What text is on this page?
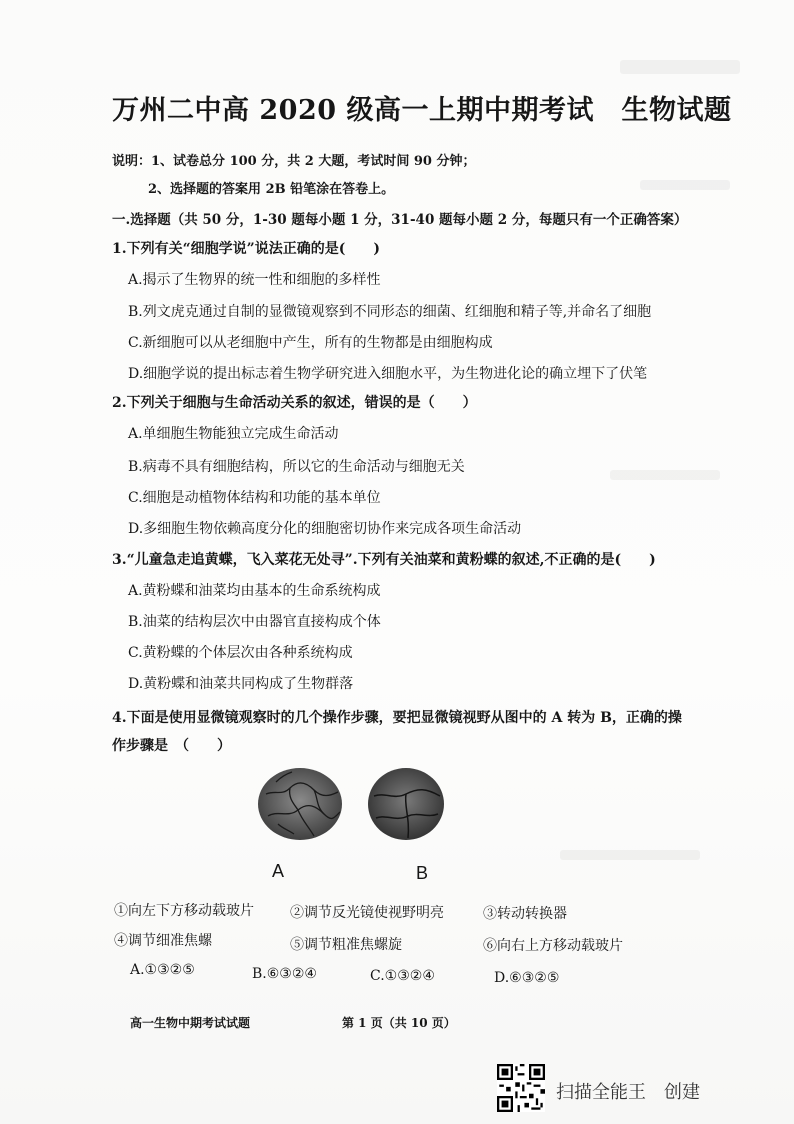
万州二中高 2020 级高一上期中期考试　生物试题
说明：1、试卷总分 100 分，共 2 大题，考试时间 90 分钟；
2、选择题的答案用 2B 铅笔涂在答卷上。
一.选择题（共 50 分，1-30 题每小题 1 分，31-40 题每小题 2 分，每题只有一个正确答案）
1.下列有关“细胞学说”说法正确的是(　　)
A.揭示了生物界的统一性和细胞的多样性
B.列文虎克通过自制的显微镜观察到不同形态的细菌、红细胞和精子等,并命名了细胞
C.新细胞可以从老细胞中产生，所有的生物都是由细胞构成
D.细胞学说的提出标志着生物学研究进入细胞水平，为生物进化论的确立埋下了伏笔
2.下列关于细胞与生命活动关系的叙述，错误的是（　　）
A.单细胞生物能独立完成生命活动
B.病毒不具有细胞结构，所以它的生命活动与细胞无关
C.细胞是动植物体结构和功能的基本单位
D.多细胞生物依赖高度分化的细胞密切协作来完成各项生命活动
3.“儿童急走追黄蝶，飞入菜花无处寻”.下列有关油菜和黄粉蝶的叙述,不正确的是(　　)
A.黄粉蝶和油菜均由基本的生命系统构成
B.油菜的结构层次中由器官直接构成个体
C.黄粉蝶的个体层次由各种系统构成
D.黄粉蝶和油菜共同构成了生物群落
4.下面是使用显微镜观察时的几个操作步骤，要把显微镜视野从图中的 A 转为 B，正确的操
作步骤是　（　　）
A	B
①向左下方移动载玻片	②调节反光镜使视野明亮	③转动转换器
④调节细准焦螺	⑤调节粗准焦螺旋	⑥向右上方移动载玻片
A.①③②⑤	B.⑥③②④	C.①③②④	D.⑥③②⑤
高一生物中期考试试题	第 1 页（共 10 页）
扫描全能王　创建
